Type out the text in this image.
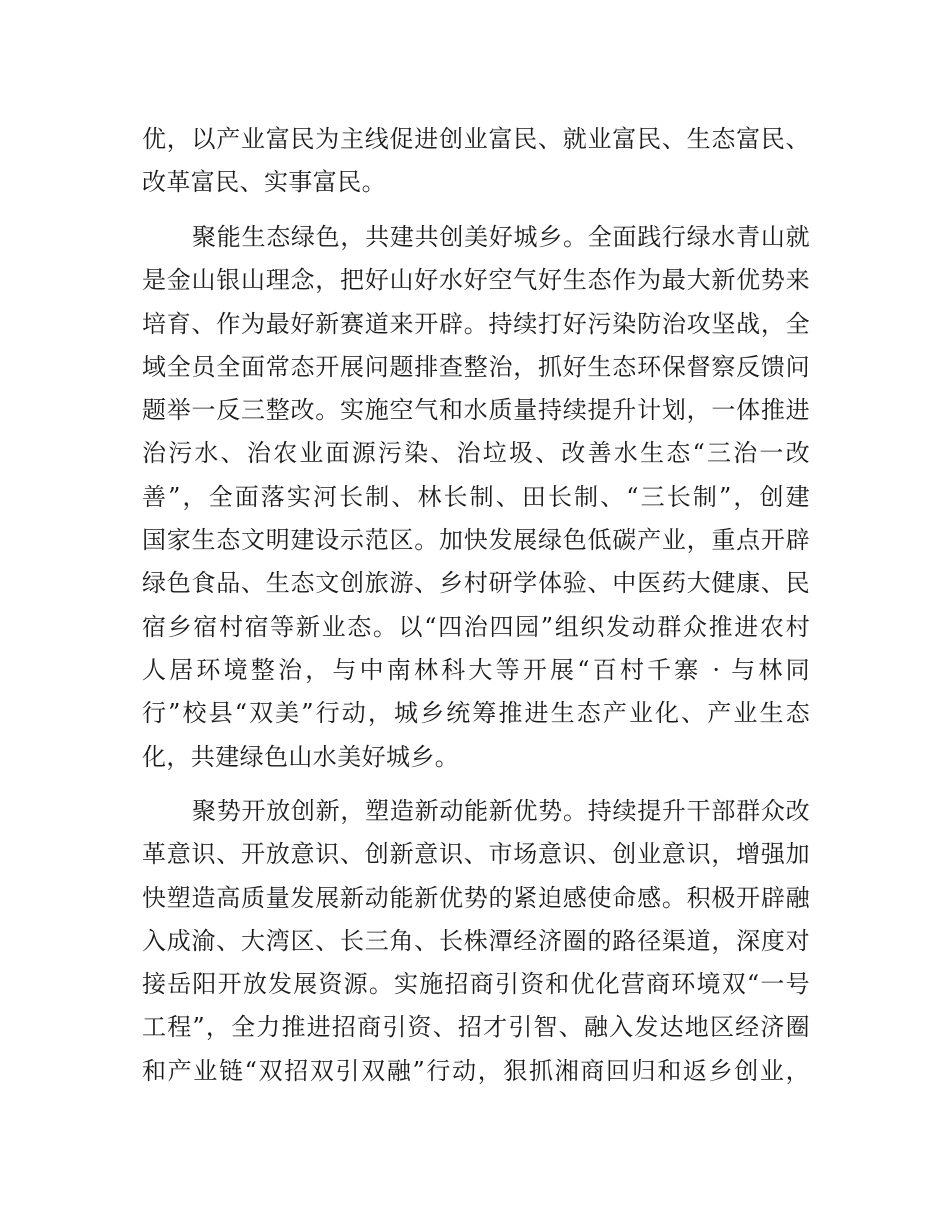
优，以产业富民为主线促进创业富民、就业富民、生态富民、
改革富民、实事富民。
聚能生态绿色，共建共创美好城乡。全面践行绿水青山就
是金山银山理念，把好山好水好空气好生态作为最大新优势来
培育、作为最好新赛道来开辟。持续打好污染防治攻坚战，全
域全员全面常态开展问题排查整治，抓好生态环保督察反馈问
题举一反三整改。实施空气和水质量持续提升计划，一体推进
治污水、治农业面源污染、治垃圾、改善水生态“三治一改
善”，全面落实河长制、林长制、田长制、“三长制”，创建
国家生态文明建设示范区。加快发展绿色低碳产业，重点开辟
绿色食品、生态文创旅游、乡村研学体验、中医药大健康、民
宿乡宿村宿等新业态。以“四治四园”组织发动群众推进农村
人居环境整治，与中南林科大等开展“百村千寨 · 与林同
行”校县“双美”行动，城乡统筹推进生态产业化、产业生态
化，共建绿色山水美好城乡。
聚势开放创新，塑造新动能新优势。持续提升干部群众改
革意识、开放意识、创新意识、市场意识、创业意识，增强加
快塑造高质量发展新动能新优势的紧迫感使命感。积极开辟融
入成渝、大湾区、长三角、长株潭经济圈的路径渠道，深度对
接岳阳开放发展资源。实施招商引资和优化营商环境双“一号
工程”，全力推进招商引资、招才引智、融入发达地区经济圈
和产业链“双招双引双融”行动，狠抓湘商回归和返乡创业，
